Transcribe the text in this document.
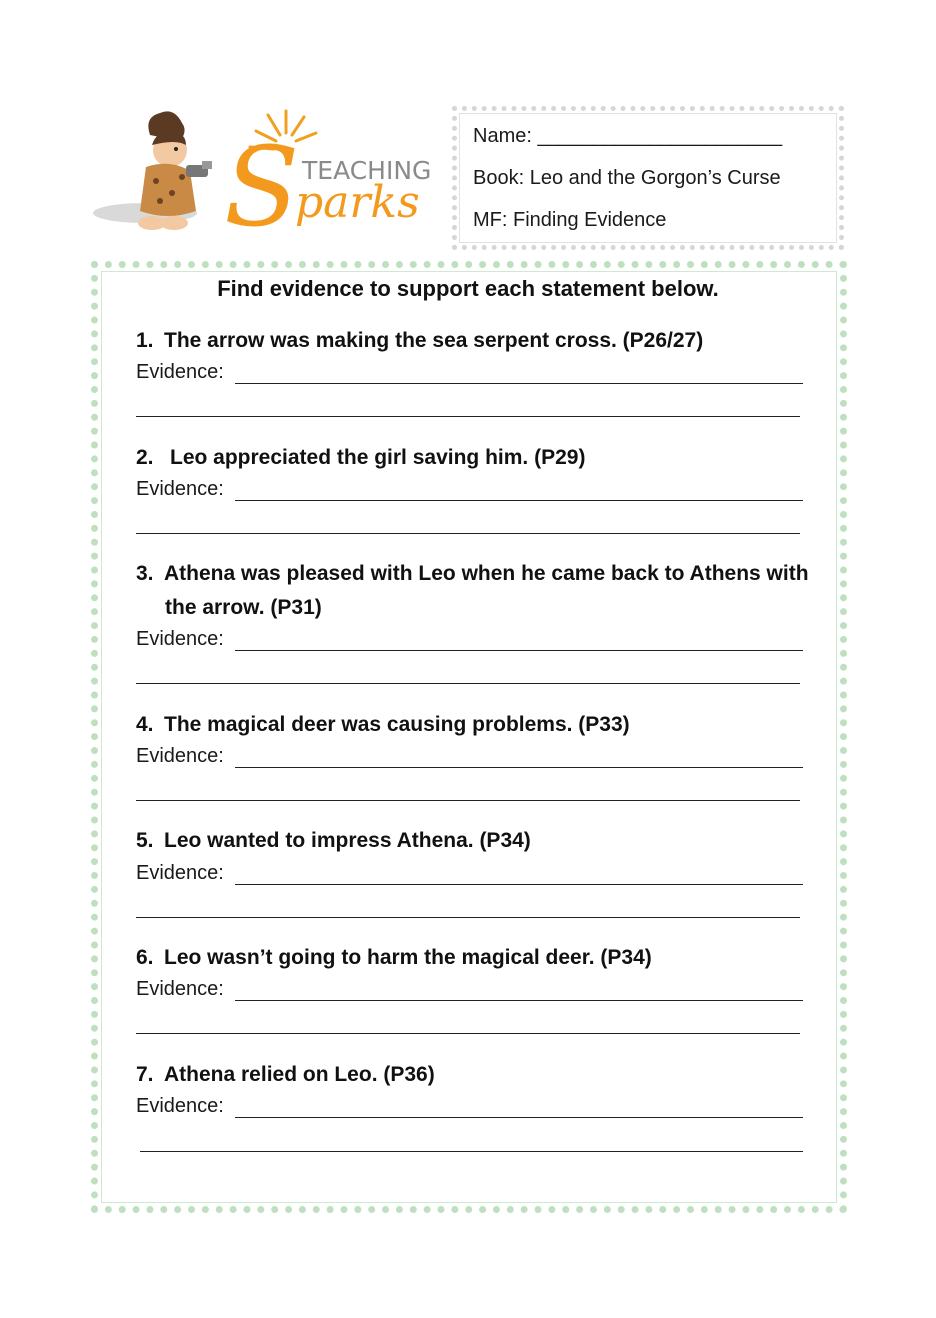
S TEACHING
parks
Name: ______________________
Book: Leo and the Gorgon’s Curse
MF: Finding Evidence
Find evidence to support each statement below.
1. The arrow was making the sea serpent cross. (P26/27)
Evidence:
2. Leo appreciated the girl saving him. (P29)
Evidence:
3. Athena was pleased with Leo when he came back to Athens with
the arrow. (P31)
Evidence:
4. The magical deer was causing problems. (P33)
Evidence:
5. Leo wanted to impress Athena. (P34)
Evidence:
6. Leo wasn’t going to harm the magical deer. (P34)
Evidence:
7. Athena relied on Leo. (P36)
Evidence:
